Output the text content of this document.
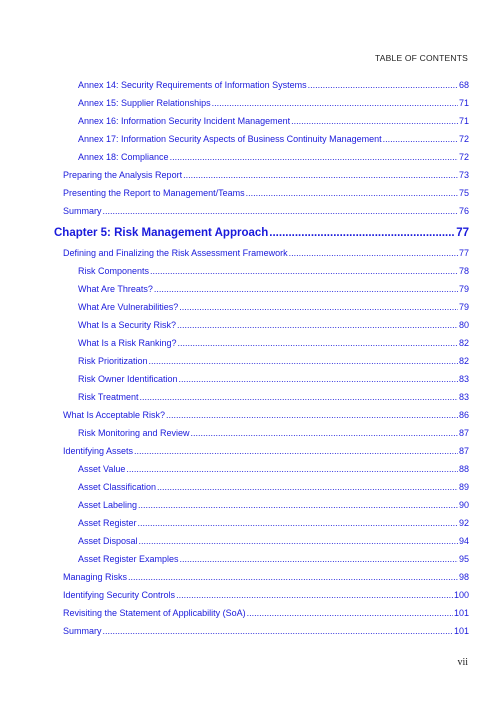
TABLE OF CONTENTS
Annex 14: Security Requirements of Information Systems .....	68
Annex 15: Supplier Relationships .....	71
Annex 16: Information Security Incident Management .....	71
Annex 17: Information Security Aspects of Business Continuity Management .....	72
Annex 18: Compliance .....	72
Preparing the Analysis Report .....	73
Presenting the Report to Management/Teams .....	75
Summary .....	76
Chapter 5: Risk Management Approach .....	77
Defining and Finalizing the Risk Assessment Framework .....	77
Risk Components .....	78
What Are Threats? .....	79
What Are Vulnerabilities? .....	79
What Is a Security Risk? .....	80
What Is a Risk Ranking? .....	82
Risk Prioritization .....	82
Risk Owner Identification .....	83
Risk Treatment .....	83
What Is Acceptable Risk? .....	86
Risk Monitoring and Review .....	87
Identifying Assets .....	87
Asset Value .....	88
Asset Classification .....	89
Asset Labeling .....	90
Asset Register .....	92
Asset Disposal .....	94
Asset Register Examples .....	95
Managing Risks .....	98
Identifying Security Controls .....	100
Revisiting the Statement of Applicability (SoA) .....	101
Summary .....	101
vii
